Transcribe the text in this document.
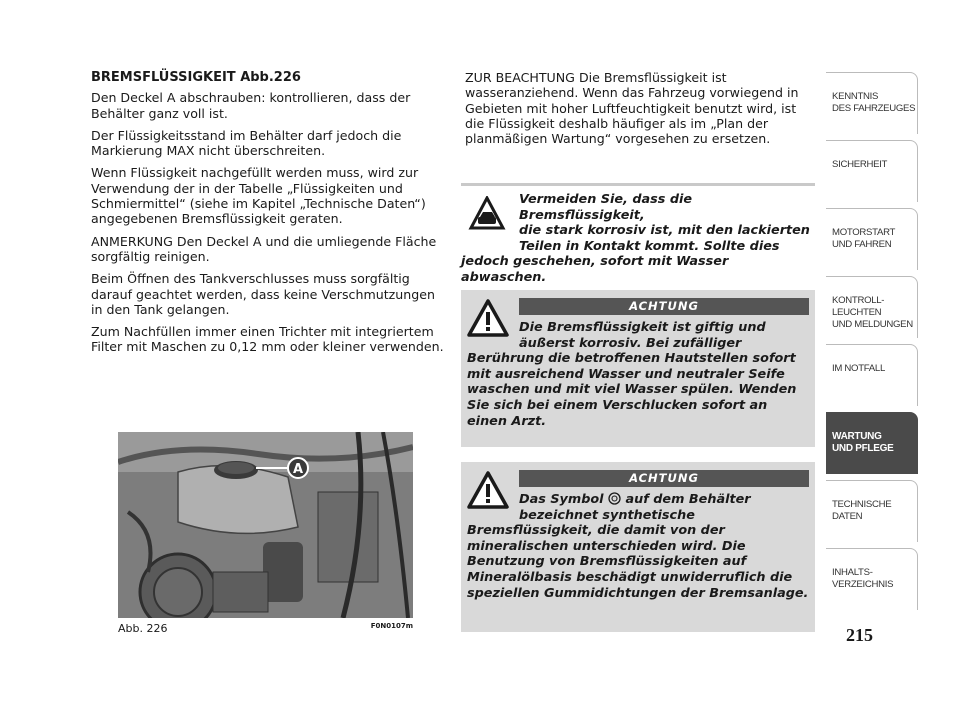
BREMSFLÜSSIGKEIT Abb.226

Den Deckel A abschrauben: kontrollieren, dass der Behälter ganz voll ist.

Der Flüssigkeitsstand im Behälter darf jedoch die Markierung MAX nicht überschreiten.

Wenn Flüssigkeit nachgefüllt werden muss, wird zur Verwendung der in der Tabelle „Flüssigkeiten und Schmiermittel“ (siehe im Kapitel „Technische Daten“) angegebenen Bremsflüssigkeit geraten.

ANMERKUNG Den Deckel A und die umliegende Fläche sorgfältig reinigen.

Beim Öffnen des Tankverschlusses muss sorgfältig darauf geachtet werden, dass keine Verschmutzungen in den Tank gelangen.

Zum Nachfüllen immer einen Trichter mit integriertem Filter mit Maschen zu 0,12 mm oder kleiner verwenden.

A
Abb. 226	F0N0107m
ZUR BEACHTUNG Die Bremsflüssigkeit ist wasseranziehend. Wenn das Fahrzeug vorwiegend in Gebieten mit hoher Luftfeuchtigkeit benutzt wird, ist die Flüssigkeit deshalb häufiger als im „Plan der planmäßigen Wartung“ vorgesehen zu ersetzen.
Vermeiden Sie, dass die Bremsflüssigkeit,
die stark korrosiv ist, mit den lackierten
Teilen in Kontakt kommt. Sollte dies
jedoch geschehen, sofort mit Wasser abwaschen.
ACHTUNG
Die Bremsflüssigkeit ist giftig und
äußerst korrosiv. Bei zufälliger
Berührung die betroffenen Hautstellen sofort mit ausreichend Wasser und neutraler Seife waschen und mit viel Wasser spülen. Wenden Sie sich bei einem Verschlucken sofort an einen Arzt.
ACHTUNG
Das Symbol auf dem Behälter
bezeichnet synthetische
Bremsflüssigkeit, die damit von der mineralischen unterschieden wird. Die Benutzung von Bremsflüssigkeiten auf Mineralölbasis beschädigt unwiderruflich die speziellen Gummidichtungen der Bremsanlage.
KENNTNIS
DES FAHRZEUGES
SICHERHEIT
MOTORSTART
UND FAHREN
KONTROLL-
LEUCHTEN
UND MELDUNGEN
IM NOTFALL
WARTUNG
UND PFLEGE
TECHNISCHE
DATEN
INHALTS-
VERZEICHNIS
215
